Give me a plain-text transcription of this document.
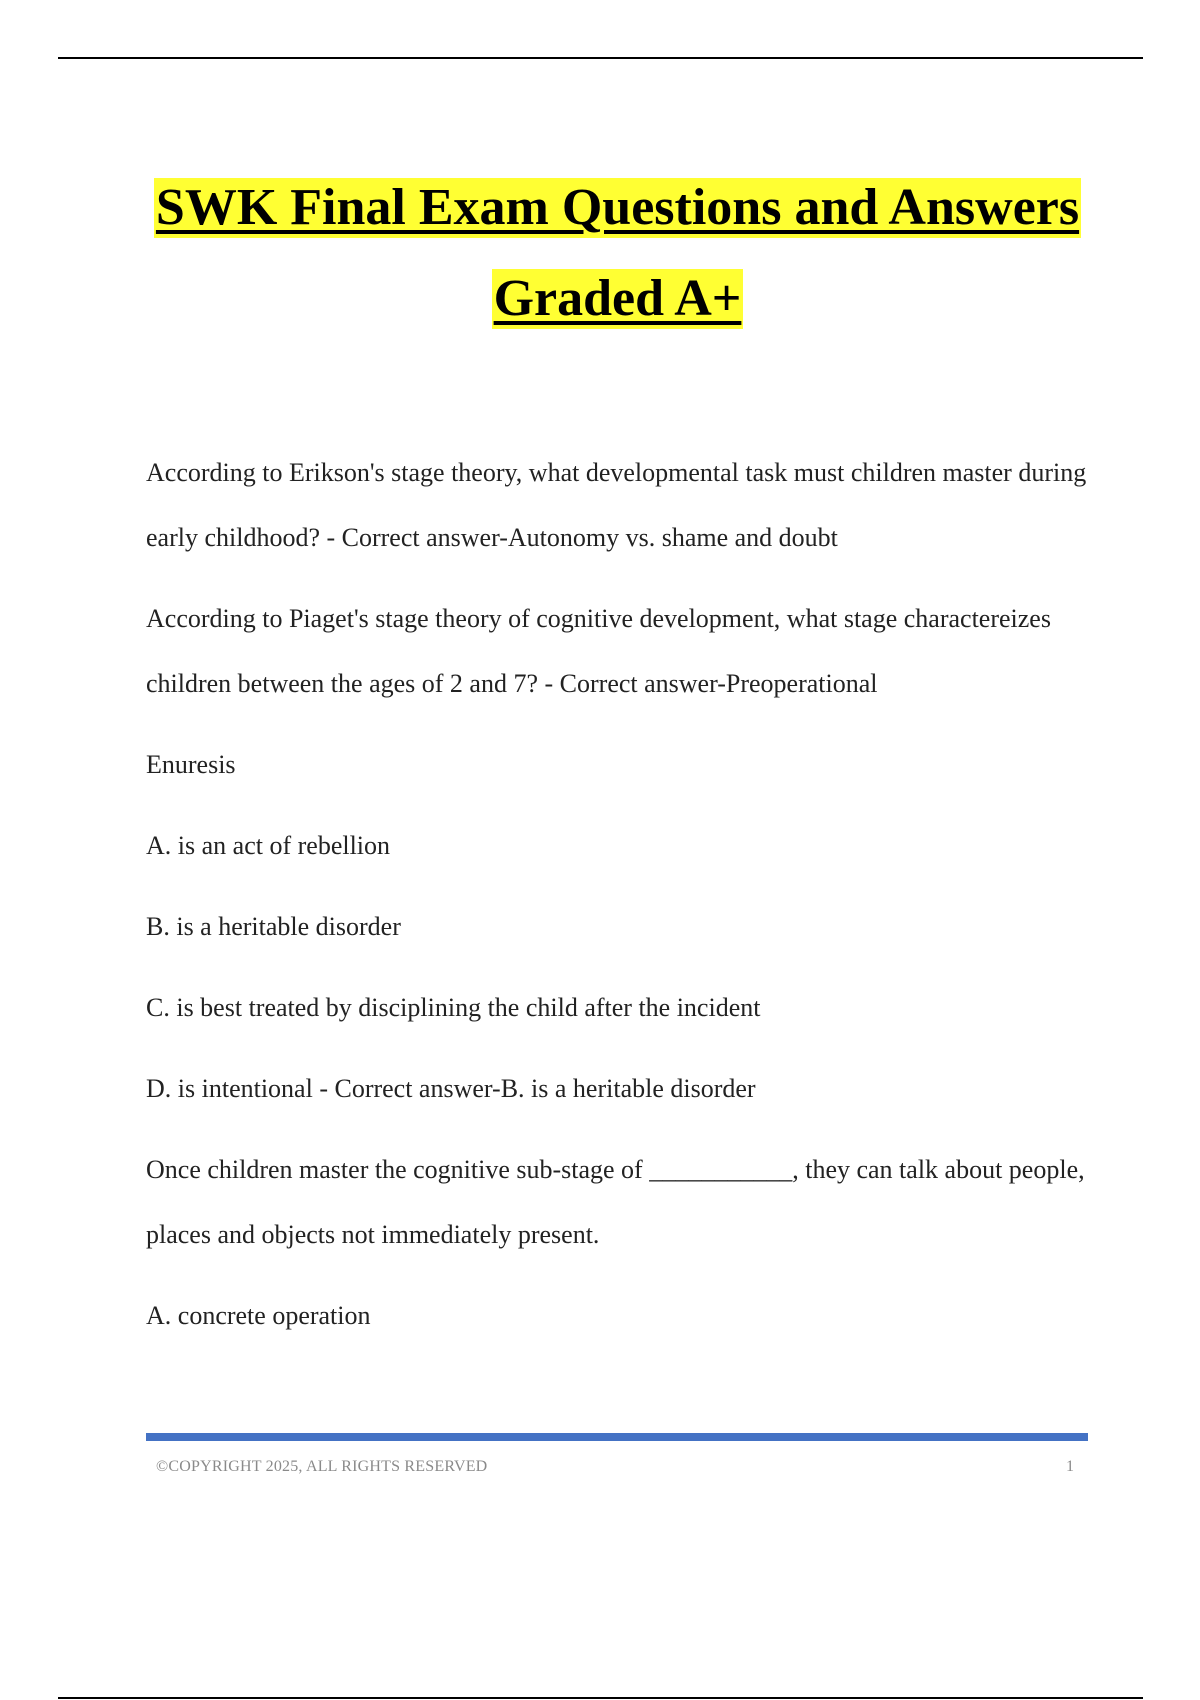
SWK Final Exam Questions and Answers
Graded A+

According to Erikson's stage theory, what developmental task must children master during early childhood? - Correct answer-Autonomy vs. shame and doubt

According to Piaget's stage theory of cognitive development, what stage charactereizes children between the ages of 2 and 7? - Correct answer-Preoperational

Enuresis

A. is an act of rebellion

B. is a heritable disorder

C. is best treated by disciplining the child after the incident

D. is intentional - Correct answer-B. is a heritable disorder

Once children master the cognitive sub-stage of ___________, they can talk about people, places and objects not immediately present.

A. concrete operation

©COPYRIGHT 2025, ALL RIGHTS RESERVED	1
